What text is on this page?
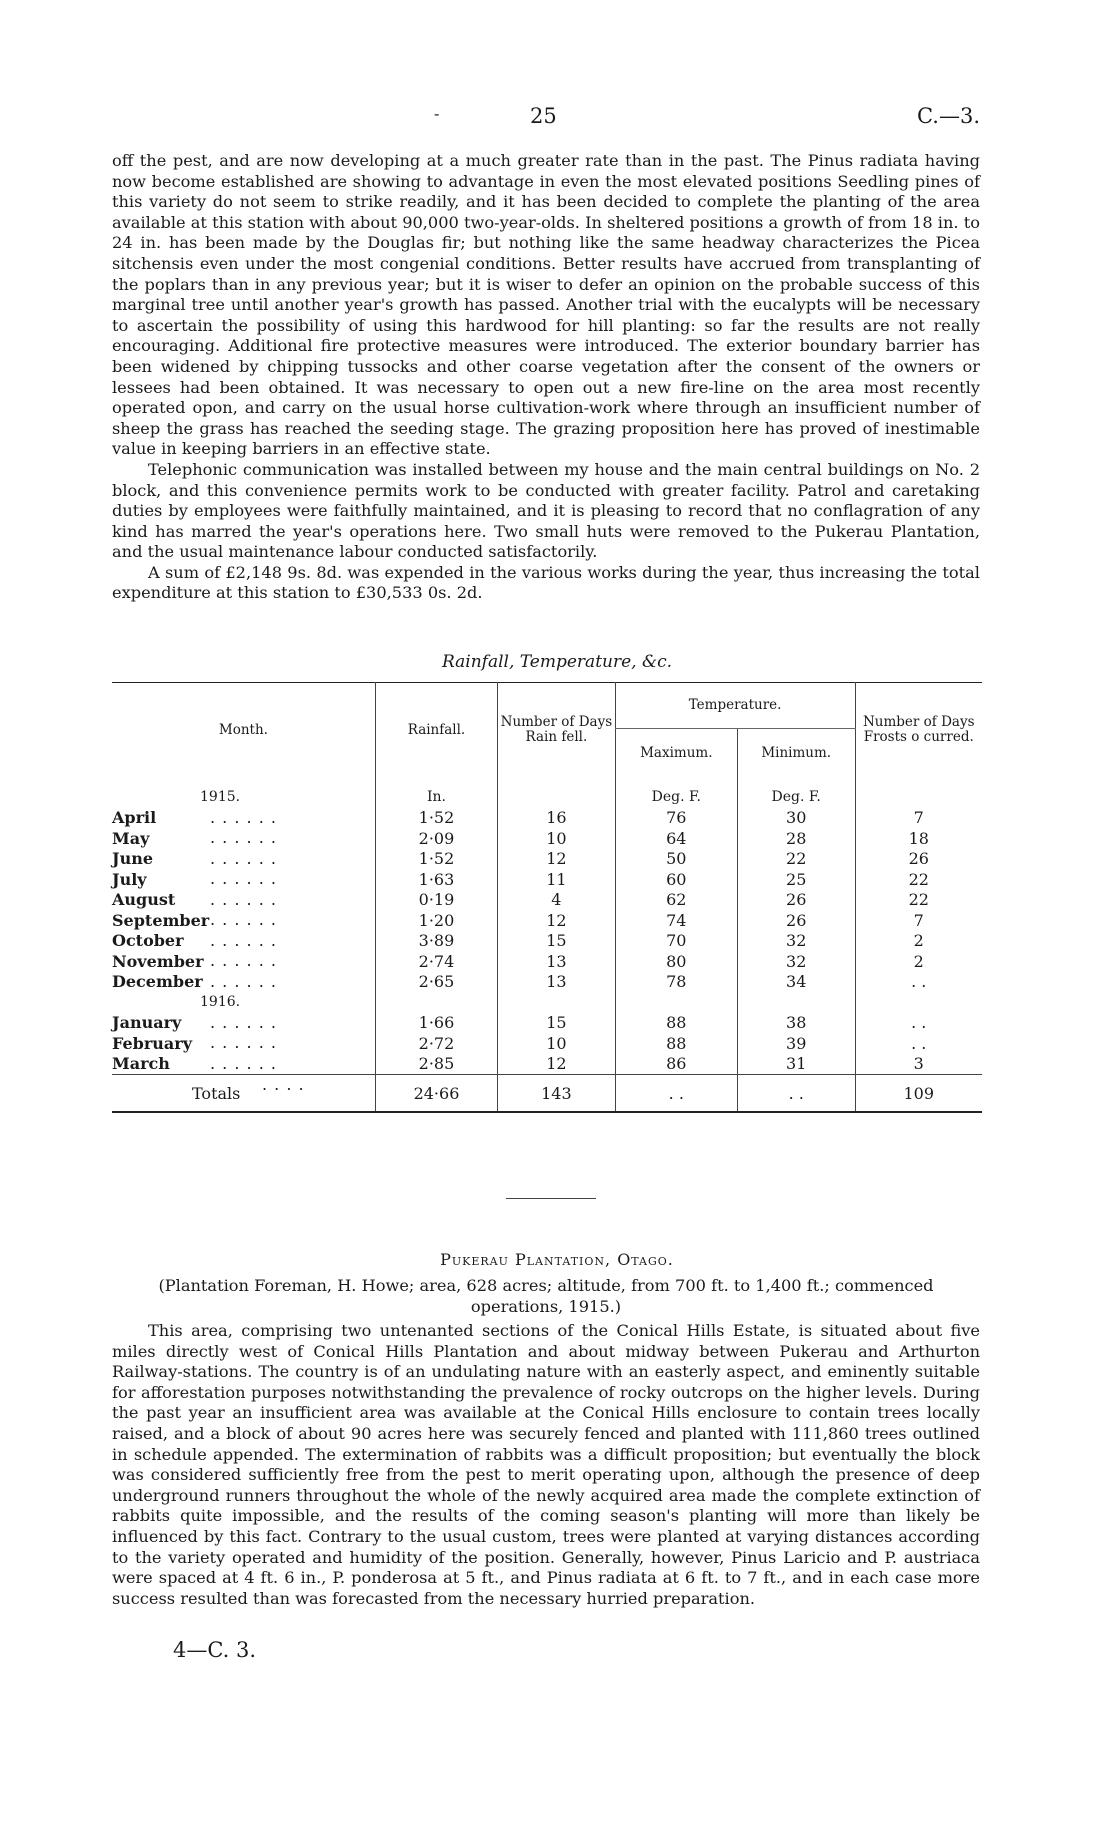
-	25	C.—3.

off the pest, and are now developing at a much greater rate than in the past. The Pinus radiata having now become established are showing to advantage in even the most elevated positions Seedling pines of this variety do not seem to strike readily, and it has been decided to complete the planting of the area available at this station with about 90,000 two-year-olds. In sheltered positions a growth of from 18 in. to 24 in. has been made by the Douglas fir; but nothing like the same headway characterizes the Picea sitchensis even under the most congenial conditions. Better results have accrued from transplanting of the poplars than in any previous year; but it is wiser to defer an opinion on the probable success of this marginal tree until another year's growth has passed. Another trial with the eucalypts will be necessary to ascertain the possibility of using this hardwood for hill planting: so far the results are not really encouraging. Additional fire protective measures were introduced. The exterior boundary barrier has been widened by chipping tussocks and other coarse vegetation after the consent of the owners or lessees had been obtained. It was necessary to open out a new fire-line on the area most recently operated opon, and carry on the usual horse cultivation-work where through an insufficient number of sheep the grass has reached the seeding stage. The grazing proposition here has proved of inestimable value in keeping barriers in an effective state.

Telephonic communication was installed between my house and the main central buildings on No. 2 block, and this convenience permits work to be conducted with greater facility. Patrol and caretaking duties by employees were faithfully maintained, and it is pleasing to record that no conflagration of any kind has marred the year's operations here. Two small huts were removed to the Pukerau Plantation, and the usual maintenance labour conducted satisfactorily.

A sum of £2,148 9s. 8d. was expended in the various works during the year, thus increasing the total expenditure at this station to £30,533 0s. 2d.

Rainfall, Temperature, &c.
Month.	Rainfall.	Number of Days Rain fell.	Temperature.		Number of Days Frosts o curred.
			Maximum.	Minimum.	
1915.	In.		Deg. F.	Deg. F.	
April . . . . . .	1·52	16	76	30	7
May . . . . . .	2·09	10	64	28	18
June . . . . . .	1·52	12	50	22	26
July . . . . . .	1·63	11	60	25	22
August . . . . . .	0·19	4	62	26	22
September . . . . . .	1·20	12	74	26	7
October . . . . . .	3·89	15	70	32	2
November . . . . . .	2·74	13	80	32	2
December . . . . . .	2·65	13	78	34	. .
1916.					
January . . . . . .	1·66	15	88	38	. .
February . . . . . .	2·72	10	88	39	. .
March . . . . . .	2·85	12	86	31	3
Totals . . . .	24·66	143	. .	. .	109
Pukerau Plantation, Otago.
(Plantation Foreman, H. Howe; area, 628 acres; altitude, from 700 ft. to 1,400 ft.; commenced operations, 1915.)

This area, comprising two untenanted sections of the Conical Hills Estate, is situated about five miles directly west of Conical Hills Plantation and about midway between Pukerau and Arthurton Railway-stations. The country is of an undulating nature with an easterly aspect, and eminently suitable for afforestation purposes notwithstanding the prevalence of rocky outcrops on the higher levels. During the past year an insufficient area was available at the Conical Hills enclosure to contain trees locally raised, and a block of about 90 acres here was securely fenced and planted with 111,860 trees outlined in schedule appended. The extermination of rabbits was a difficult proposition; but eventually the block was considered sufficiently free from the pest to merit operating upon, although the presence of deep underground runners throughout the whole of the newly acquired area made the complete extinction of rabbits quite impossible, and the results of the coming season's planting will more than likely be influenced by this fact. Contrary to the usual custom, trees were planted at varying distances according to the variety operated and humidity of the position. Generally, however, Pinus Laricio and P. austriaca were spaced at 4 ft. 6 in., P. ponderosa at 5 ft., and Pinus radiata at 6 ft. to 7 ft., and in each case more success resulted than was forecasted from the necessary hurried preparation.

4—C. 3.
